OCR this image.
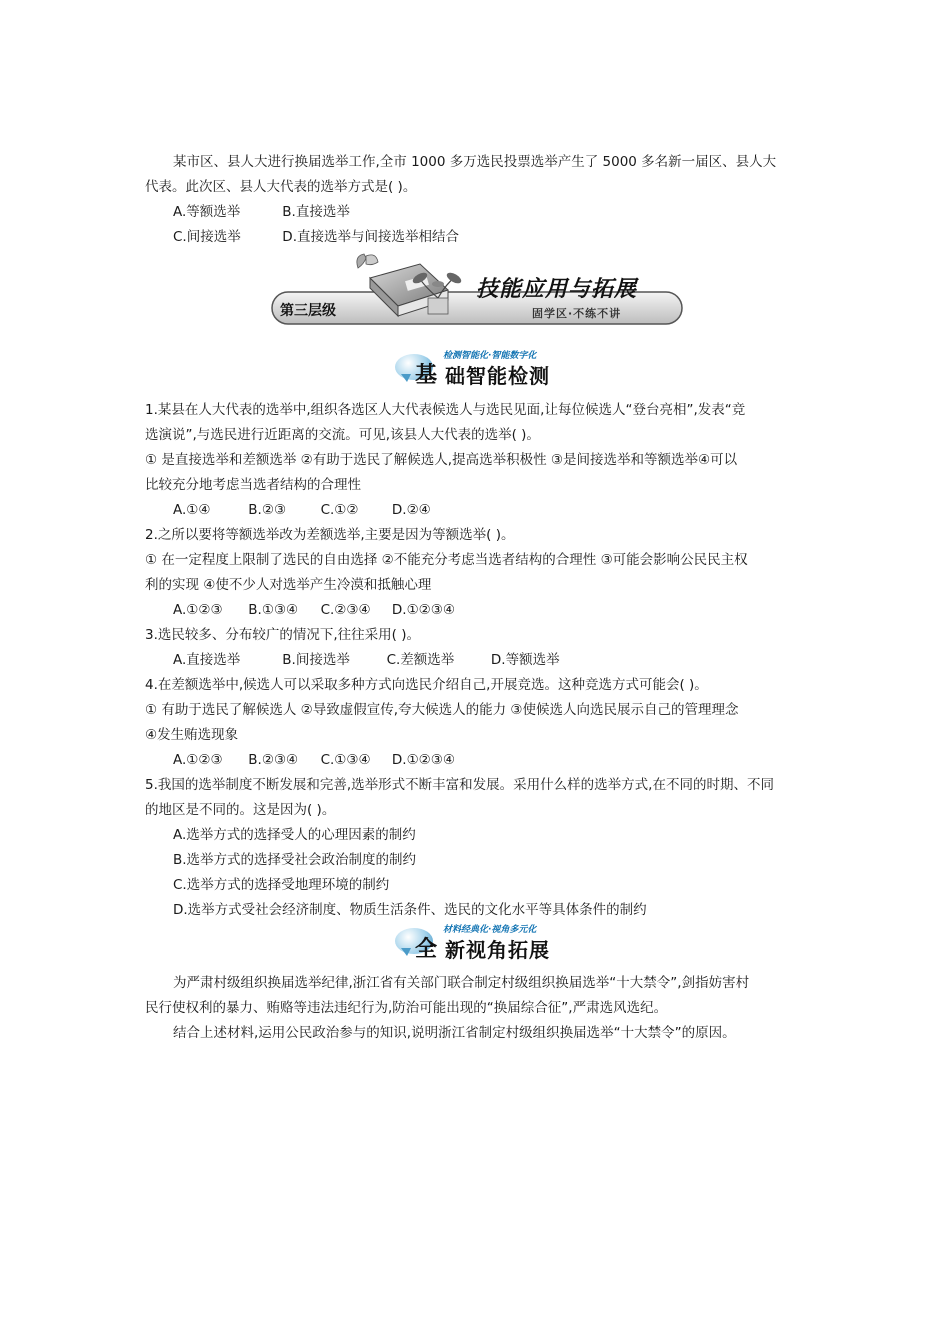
某市区、县人大进行换届选举工作,全市 1000 多万选民投票选举产生了 5000 多名新一届区、县人大
代表。此次区、县人大代表的选举方式是( )。
A.等额选举	B.直接选举
C.间接选举	D.直接选举与间接选举相结合
第三层级
技能应用与拓展
固学区·不练不讲
检测智能化·智能数字化
基 础智能检测
1.某县在人大代表的选举中,组织各选区人大代表候选人与选民见面,让每位候选人“登台亮相”,发表“竞
选演说”,与选民进行近距离的交流。可见,该县人大代表的选举( )。
① 是直接选举和差额选举 ②有助于选民了解候选人,提高选举积极性 ③是间接选举和等额选举④可以
比较充分地考虑当选者结构的合理性
A.①④	B.②③	C.①② D.②④
2.之所以要将等额选举改为差额选举,主要是因为等额选举( )。
① 在一定程度上限制了选民的自由选择 ②不能充分考虑当选者结构的合理性 ③可能会影响公民民主权
利的实现 ④使不少人对选举产生冷漠和抵触心理
A.①②③ B.①③④ C.②③④ D.①②③④
3.选民较多、分布较广的情况下,往往采用( )。
A.直接选举	B.间接选举	C.差额选举	D.等额选举
4.在差额选举中,候选人可以采取多种方式向选民介绍自己,开展竞选。这种竞选方式可能会( )。
① 有助于选民了解候选人 ②导致虚假宣传,夸大候选人的能力 ③使候选人向选民展示自己的管理理念
④发生贿选现象
A.①②③ B.②③④ C.①③④ D.①②③④
5.我国的选举制度不断发展和完善,选举形式不断丰富和发展。采用什么样的选举方式,在不同的时期、不同
的地区是不同的。这是因为( )。
A.选举方式的选择受人的心理因素的制约
B.选举方式的选择受社会政治制度的制约
C.选举方式的选择受地理环境的制约
D.选举方式受社会经济制度、物质生活条件、选民的文化水平等具体条件的制约
材料经典化·视角多元化
全 新视角拓展
为严肃村级组织换届选举纪律,浙江省有关部门联合制定村级组织换届选举“十大禁令”,剑指妨害村
民行使权利的暴力、贿赂等违法违纪行为,防治可能出现的“换届综合征”,严肃选风选纪。
结合上述材料,运用公民政治参与的知识,说明浙江省制定村级组织换届选举“十大禁令”的原因。
